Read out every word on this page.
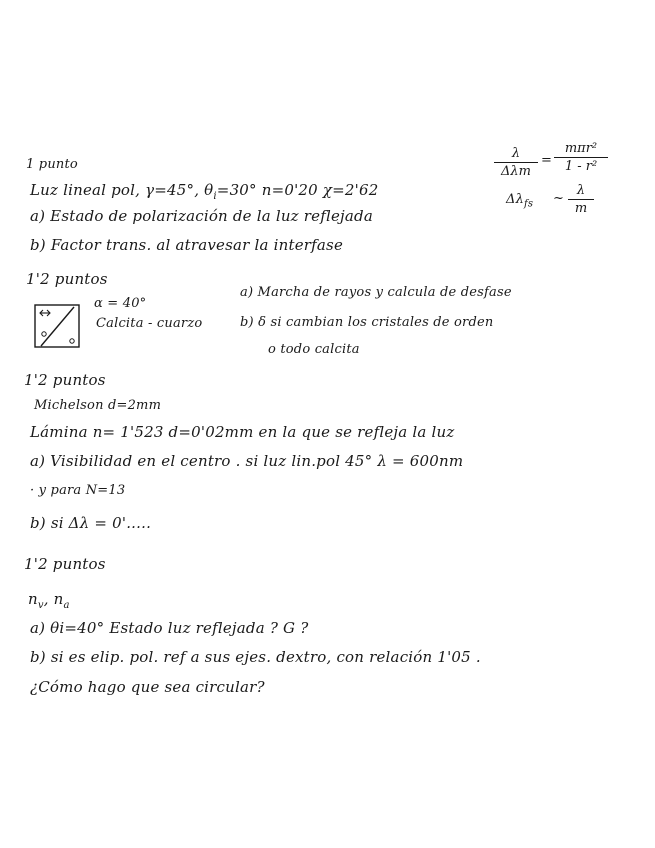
λ
Δλm
=
mπr²
1 - r²
$\Delta\lambda_{fs}$ ~ $\frac{\lambda}{m}$
1 punto
Luz lineal pol, γ=45°, $\theta_i=30^\circ$ n=0'20 χ=2'62
a) Estado de polarización de la luz reflejada
b) Factor trans. al atravesar la interfase
1'2 puntos
α = 40°
Calcita - cuarzo
a) Marcha de rayos y calcula de desfase
b) δ si cambian los cristales de orden
o todo calcita
1'2 puntos
Michelson d=2mm
Lámina n= 1'523 d=0'02mm en la que se refleja la luz
a) Visibilidad en el centro . si luz lin.pol 45° λ = 600nm
· y para N=13
b) si Δλ = 0'.....
1'2 puntos
$n_v$, $n_a$
a) θi=40° Estado luz reflejada ? G ?
b) si es elip. pol. ref a sus ejes. dextro, con relación 1'05 .
¿Cómo hago que sea circular?
